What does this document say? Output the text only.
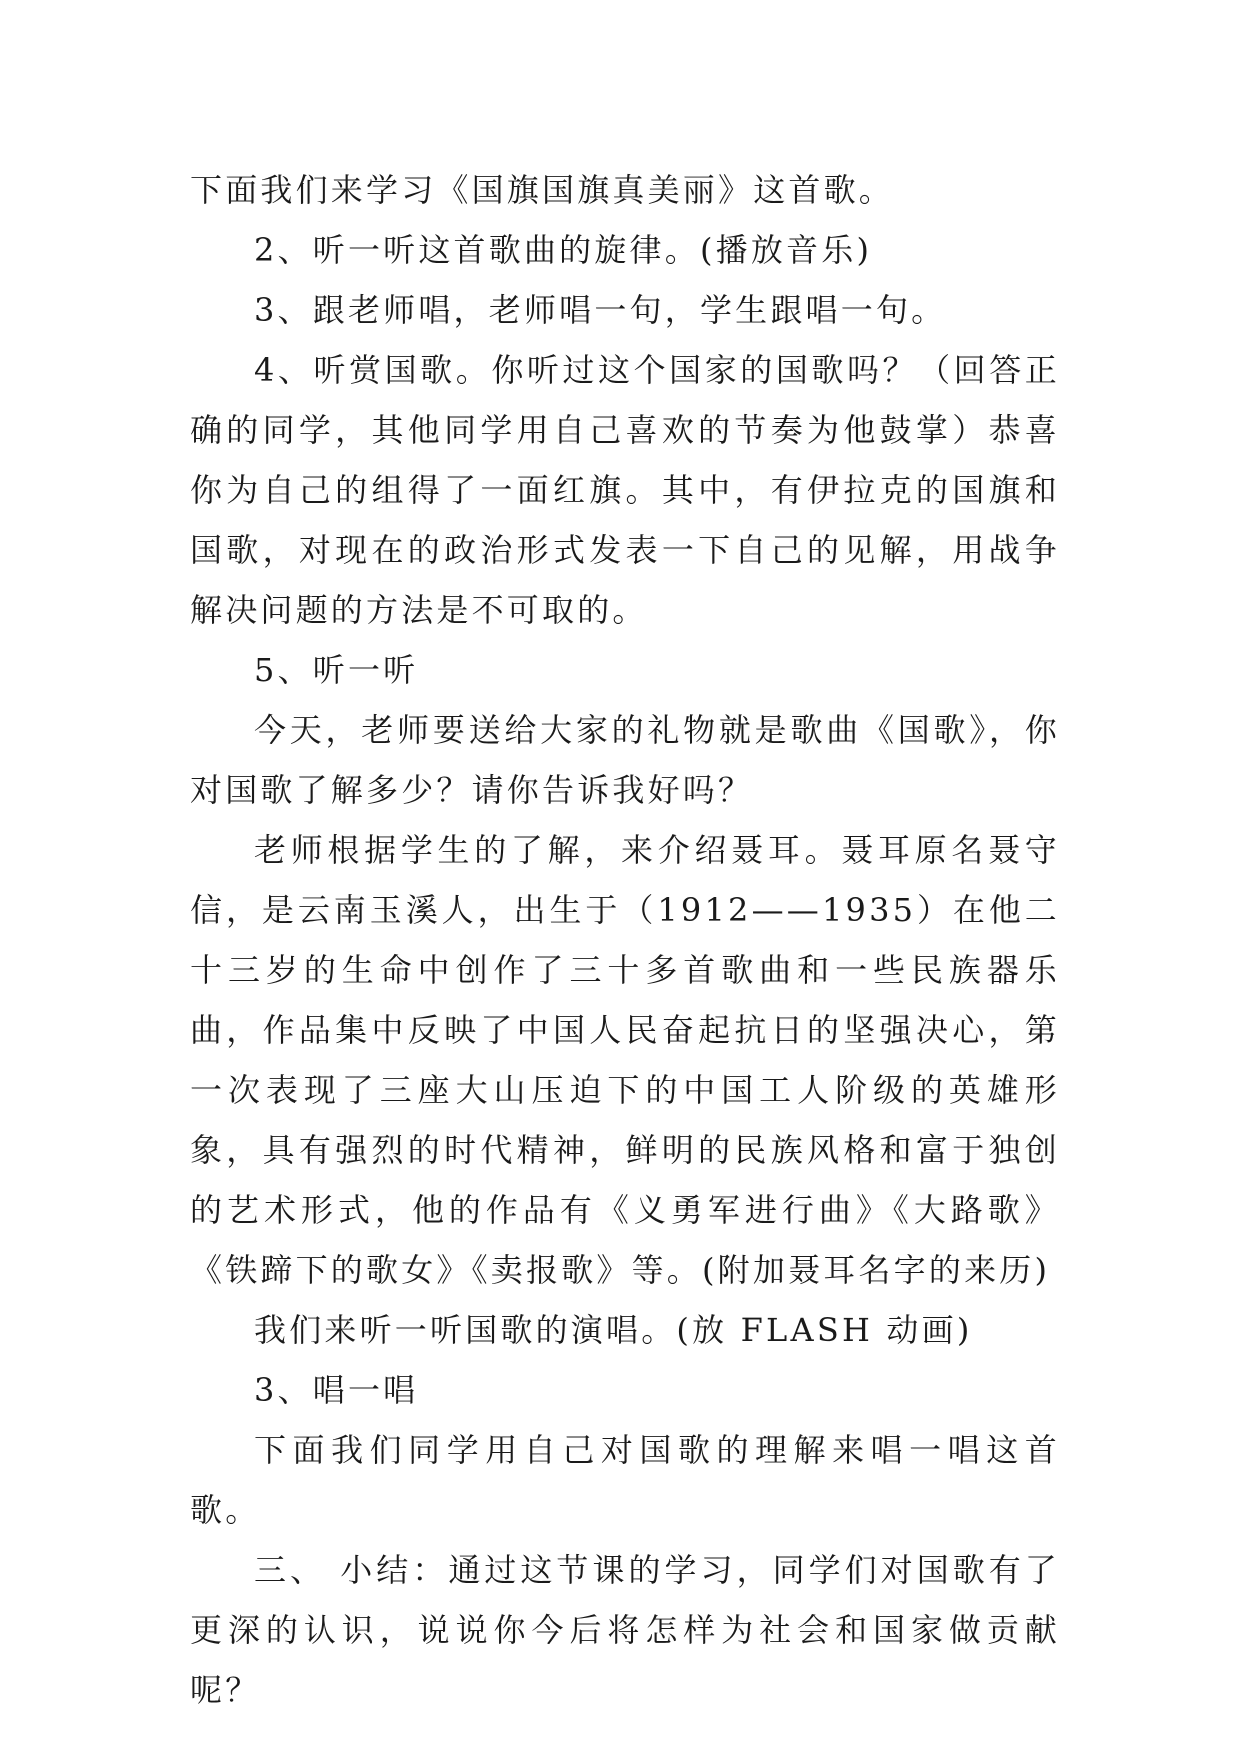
下面我们来学习《国旗国旗真美丽》这首歌。

2、听一听这首歌曲的旋律。(播放音乐)

3、跟老师唱，老师唱一句，学生跟唱一句。

4、听赏国歌。你听过这个国家的国歌吗？（回答正确的同学，其他同学用自己喜欢的节奏为他鼓掌）恭喜你为自己的组得了一面红旗。其中，有伊拉克的国旗和国歌，对现在的政治形式发表一下自己的见解，用战争解决问题的方法是不可取的。

5、听一听

今天，老师要送给大家的礼物就是歌曲《国歌》，你对国歌了解多少？请你告诉我好吗？

老师根据学生的了解，来介绍聂耳。聂耳原名聂守信，是云南玉溪人，出生于（1912——1935）在他二十三岁的生命中创作了三十多首歌曲和一些民族器乐曲，作品集中反映了中国人民奋起抗日的坚强决心，第一次表现了三座大山压迫下的中国工人阶级的英雄形象，具有强烈的时代精神，鲜明的民族风格和富于独创的艺术形式，他的作品有《义勇军进行曲》《大路歌》《铁蹄下的歌女》《卖报歌》等。(附加聂耳名字的来历)

我们来听一听国歌的演唱。(放 FLASH 动画)

3、唱一唱

下面我们同学用自己对国歌的理解来唱一唱这首歌。

三、 小结：通过这节课的学习，同学们对国歌有了更深的认识，说说你今后将怎样为社会和国家做贡献呢？
